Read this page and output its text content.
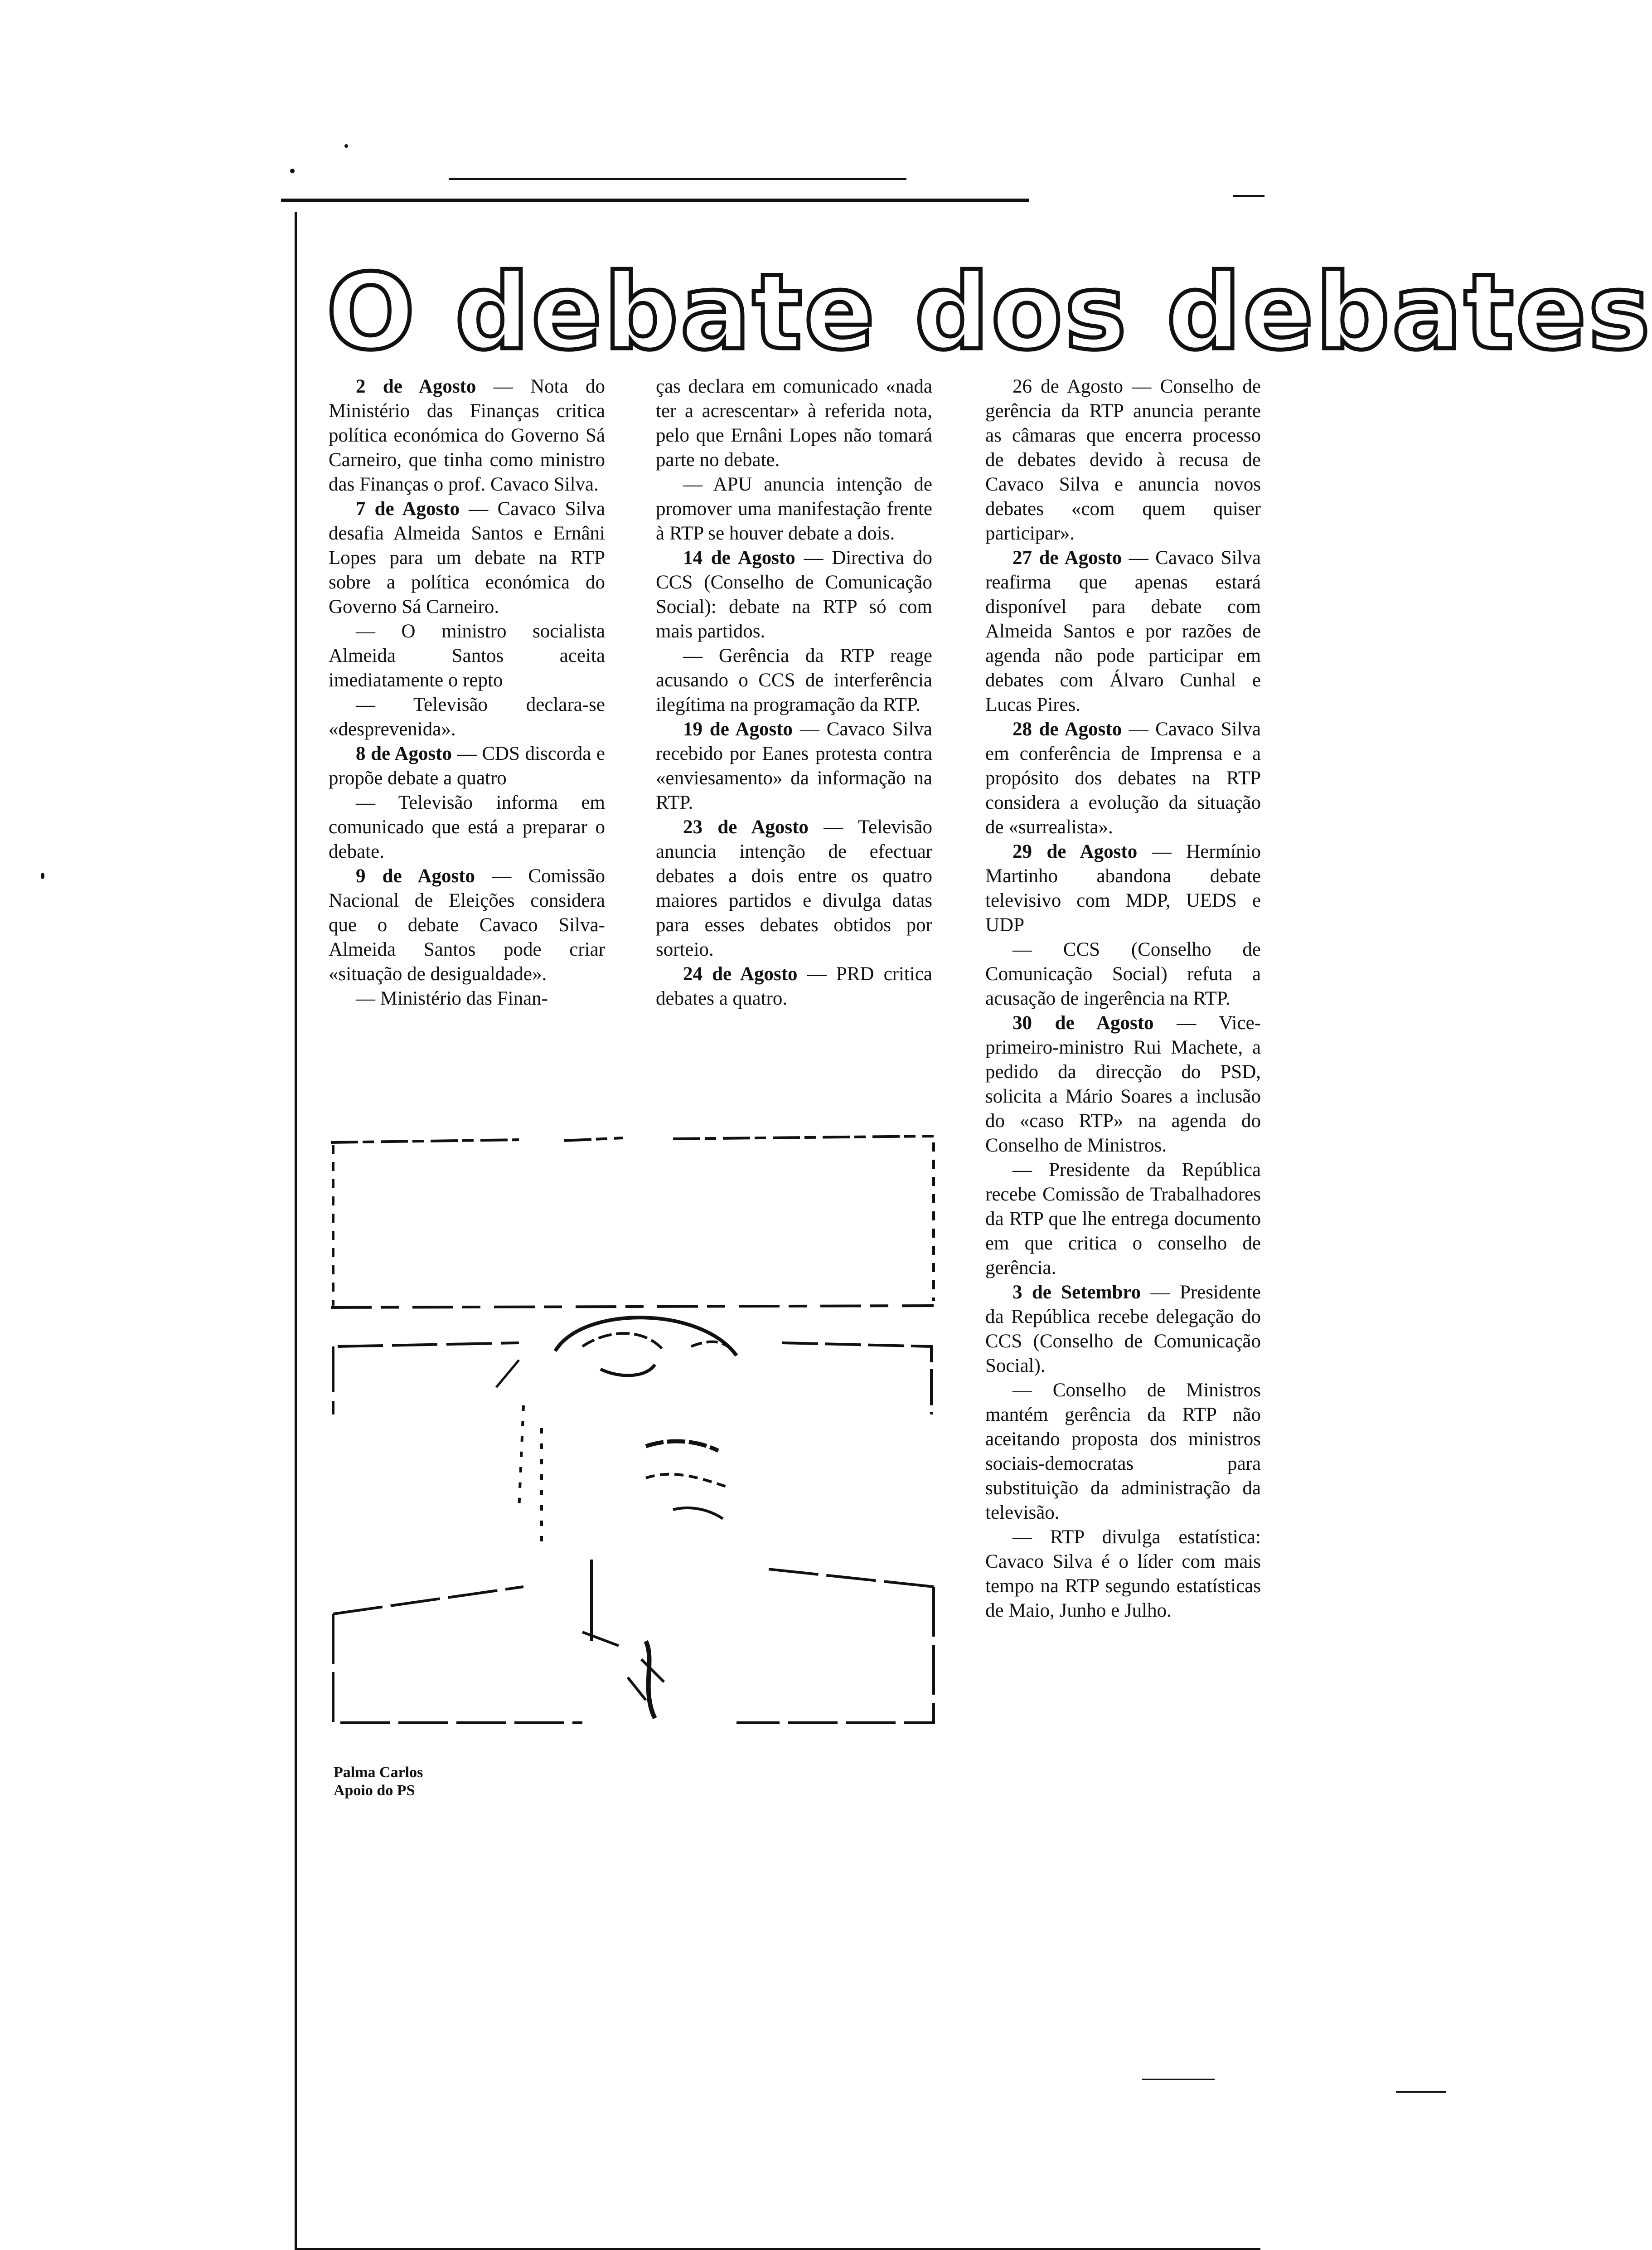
O debate dos debates

2 de Agosto — Nota do Ministério das Finanças critica política económica do Governo Sá Carneiro, que tinha como ministro das Finanças o prof. Cavaco Silva.

7 de Agosto — Cavaco Silva desafia Almeida Santos e Ernâni Lopes para um debate na RTP sobre a política económica do Governo Sá Carneiro.

— O ministro socialista Almeida Santos aceita imediatamente o repto

— Televisão declara-se «desprevenida».

8 de Agosto — CDS discorda e propõe debate a quatro

— Televisão informa em comunicado que está a preparar o debate.

9 de Agosto — Comissão Nacional de Eleições considera que o debate Cavaco Silva-Almeida Santos pode criar «situação de desigualdade».

— Ministério das Finan-

ças declara em comunicado «nada ter a acrescentar» à referida nota, pelo que Ernâni Lopes não tomará parte no debate.

— APU anuncia intenção de promover uma manifestação frente à RTP se houver debate a dois.

14 de Agosto — Directiva do CCS (Conselho de Comunicação Social): debate na RTP só com mais partidos.

— Gerência da RTP reage acusando o CCS de interferência ilegítima na programação da RTP.

19 de Agosto — Cavaco Silva recebido por Eanes protesta contra «enviesamento» da informação na RTP.

23 de Agosto — Televisão anuncia intenção de efectuar debates a dois entre os quatro maiores partidos e divulga datas para esses debates obtidos por sorteio.

24 de Agosto — PRD critica debates a quatro.

26 de Agosto — Conselho de gerência da RTP anuncia perante as câmaras que encerra processo de debates devido à recusa de Cavaco Silva e anuncia novos debates «com quem quiser participar».

27 de Agosto — Cavaco Silva reafirma que apenas estará disponível para debate com Almeida Santos e por razões de agenda não pode participar em debates com Álvaro Cunhal e Lucas Pires.

28 de Agosto — Cavaco Silva em conferência de Imprensa e a propósito dos debates na RTP considera a evolução da situação de «surrealista».

29 de Agosto — Hermínio Martinho abandona debate televisivo com MDP, UEDS e UDP

— CCS (Conselho de Comunicação Social) refuta a acusação de ingerência na RTP.

30 de Agosto — Vice-primeiro-ministro Rui Machete, a pedido da direcção do PSD, solicita a Mário Soares a inclusão do «caso RTP» na agenda do Conselho de Ministros.

— Presidente da República recebe Comissão de Trabalhadores da RTP que lhe entrega documento em que critica o conselho de gerência.

3 de Setembro — Presidente da República recebe delegação do CCS (Conselho de Comunicação Social).

— Conselho de Ministros mantém gerência da RTP não aceitando proposta dos ministros sociais-democratas para substituição da administração da televisão.

— RTP divulga estatística: Cavaco Silva é o líder com mais tempo na RTP segundo estatísticas de Maio, Junho e Julho.

Palma Carlos
Apoio do PS
